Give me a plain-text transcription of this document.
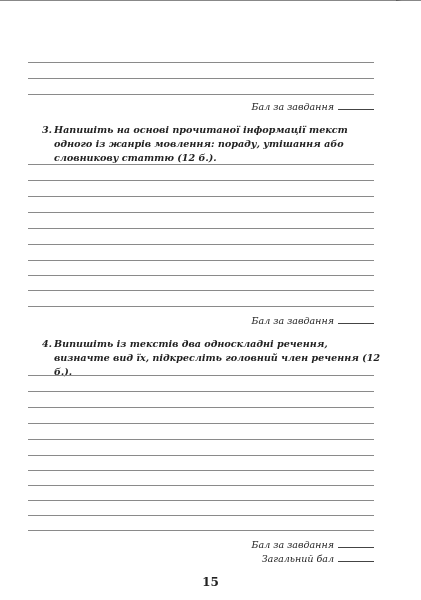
Бал за завдання
3. Напишіть на основі прочитаної інформації текст одного із жанрів мовлення: пораду, утішання або словникову статтю (12 б.).
Бал за завдання
4. Випишіть із текстів два односкладні речення, визначте вид їх, підкресліть головний член речення (12 б.).
Бал за завдання
Загальний бал
15
